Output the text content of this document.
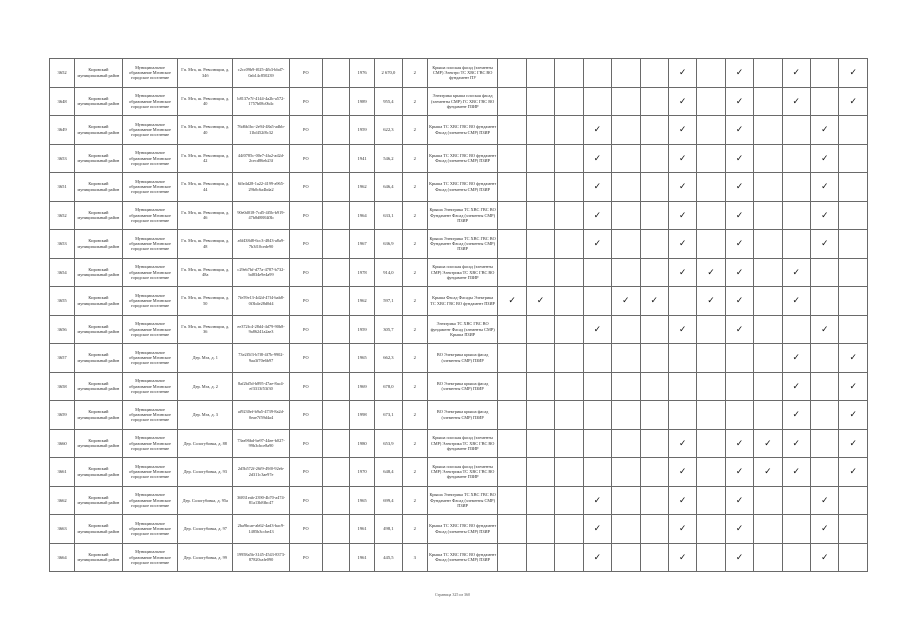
3652	Кировский муниципальный район	Муниципальное образование Мгинское городское поселение	Гп. Мга, ш. Революции, д. 34б	c2cc09b9-f025-4fb3-bbd7-0ab14c850239	РО		1976	2 670,0	2	Крыша плоская фасад (элементы СМР) Электро ТС ХВС ГВС ВО фундамент ПУ							✓		✓		✓		✓
3648	Кировский муниципальный район	Муниципальное образование Мгинское городское поселение	Гп. Мга, ш. Революции, д. 40	b8137e7f-4144-4a2b-a572-1757b08c0b4c	РО		1989	955,4	2	Электрика крыша плоская фасад (элементы СМР) ГС ХВС ГВС ВО фундамент ПЗИР							✓		✓		✓		✓
3649	Кировский муниципальный район	Муниципальное образование Мгинское городское поселение	Гп. Мга, ш. Революции, д. 40	76d6b1bc-2e94-48a5-adbb-11bf452f8c32	РО		1959	622,3	2	Крыша ТС ХВС ГВС ВО фундамент Фасад (элементы СМР) ПЗИР				✓			✓		✓			✓	
3653	Кировский муниципальный район	Муниципальное образование Мгинское городское поселение	Гп. Мга, ш. Революции, д. 42	44f0785c-00e7-4fa2-ad2d-2cecd86eb23f	РО		1941	546,2	2	Крыша ТС ХВС ГВС ВО фундамент Фасад (элементы СМР) ПЗИР				✓			✓		✓			✓	
3651	Кировский муниципальный район	Муниципальное образование Мгинское городское поселение	Гп. Мга, ш. Революции, д. 44	6ffe4d28-1a22-4199-a965-29b0c6a4bda2	РО		1962	646,4	2	Крыша ТС ХВС ГВС ВО фундамент Фасад (элементы СМР) ПЗИР				✓			✓		✓			✓	
3652	Кировский муниципальный район	Муниципальное образование Мгинское городское поселение	Гп. Мга, ш. Революции, д. 46	90e0d018-7cd5-4f5b-b919-47b8d8884f3b	РО		1964	633,1	2	Крыша Электрика ТС ХВС ГВС ВО Фундамент Фасад (элементы СМР) ПЗИР				✓			✓		✓			✓	
3653	Кировский муниципальный район	Муниципальное образование Мгинское городское поселение	Гп. Мга, ш. Революции, д. 48	a6f438d8-6cc3-4843-a8a9-7b3f10cede90	РО		1967	636,9	2	Крыша Электрика ТС ХВС ГВС ВО Фундамент Фасад (элементы СМР) ПЗИР				✓			✓		✓			✓	
3654	Кировский муниципальный район	Муниципальное образование Мгинское городское поселение	Гп. Мга, ш. Революции, д. 48а	c29eb7bf-d77a-4787-b732-bd834e9e4a99	РО		1978	914,0	2	Крыша плоская фасад (элементы СМР) Электрика ТС ХВС ГВС ВО фундамент ПЗИР							✓	✓	✓		✓		
3655	Кировский муниципальный район	Муниципальное образование Мгинское городское поселение	Гп. Мга, ш. Революции, д. 50	7fe59e13-4d2d-47f4-bab8-0f3b4e28d0d4	РО		1962	597,1	2	Крыша Фасад Фасады Электрика ТС ХВС ГВС ВО фундамент ПЗИР	✓	✓			✓	✓		✓	✓		✓		
3656	Кировский муниципальный район	Муниципальное образование Мгинское городское поселение	Гп. Мга, ш. Революции, д. 36	ee372fc4-28d4-4d79-90b8-9a86241a2ae3	РО		1959	305,7	2	Электрика ТС ХВС ГВС ВО фундамент Фасад (элементы СМР) Крыша ПЗИР				✓			✓		✓			✓	
3657	Кировский муниципальный район	Муниципальное образование Мгинское городское поселение	Дер. Мга, д. 1	73e2f5f3-b7f8-4f7b-9902-9aa3f70e6b97	РО		1965	662,3	2	ВО Электрика крыша фасад (элементы СМР) ПЗИР											✓		✓
3658	Кировский муниципальный район	Муниципальное образование Мгинское городское поселение	Дер. Мга, д. 2	8af2bf5d-b895-47ae-8ac4-ef3313f53f30	РО		1969	678,0	2	ВО Электрика крыша фасад (элементы СМР) ПЗИР											✓		✓
3659	Кировский муниципальный район	Муниципальное образование Мгинское городское поселение	Дер. Мга, д. 3	af9230ef-b9a5-4739-8a2d-0eae7f59d4a4	РО		1998	673,1	2	ВО Электрика крыша фасад (элементы СМР) ПЗИР											✓		✓
3660	Кировский муниципальный район	Муниципальное образование Мгинское городское поселение	Дер. Сологубовка, д. 88	73ea96bd-be97-44ee-b027-99b3cbce8a90	РО		1980	653,9	2	Крыша плоская фасад (элементы СМР) Электрика ТС ХВС ГВС ВО фундамент ПЗИР							✓		✓	✓	✓		✓
3661	Кировский муниципальный район	Муниципальное образование Мгинское городское поселение	Дер. Сологубовка, д. 93	2d5b572f-26f9-49f0-92eb-2d311c3ae97e	РО		1970	648,4	2	Крыша плоская фасад (элементы СМР) Электрика ТС ХВС ГВС ВО фундамент ПЗИР							✓		✓	✓	✓		✓
3662	Кировский муниципальный район	Муниципальное образование Мгинское городское поселение	Дер. Сологубовка, д. 95а	36831eab-2390-4b70-a474-81a13b8fbc47	РО		1965	699,4	2	Крыша Электрика ТС ХВС ГВС ВО Фундамент Фасад (элементы СМР) ПЗИР				✓			✓		✓			✓	
3663	Кировский муниципальный район	Муниципальное образование Мгинское городское поселение	Дер. Сологубовка, д. 97	2ba9bcae-ab62-4ad3-bac9-1485b3ccbe43	РО		1961	498,1	2	Крыша ТС ХВС ГВС ВО фундамент Фасад (элементы СМР) ПЗИР				✓			✓		✓			✓	
3664	Кировский муниципальный район	Муниципальное образование Мгинское городское поселение	Дер. Сологубовка, д. 99	19958a5b-3145-4543-8373-87820cafe090	РО		1961	445,5	3	Крыша ТС ХВС ГВС ВО фундамент Фасад (элементы СМР) ПЗИР				✓			✓		✓			✓	
Страница 325 из 360
